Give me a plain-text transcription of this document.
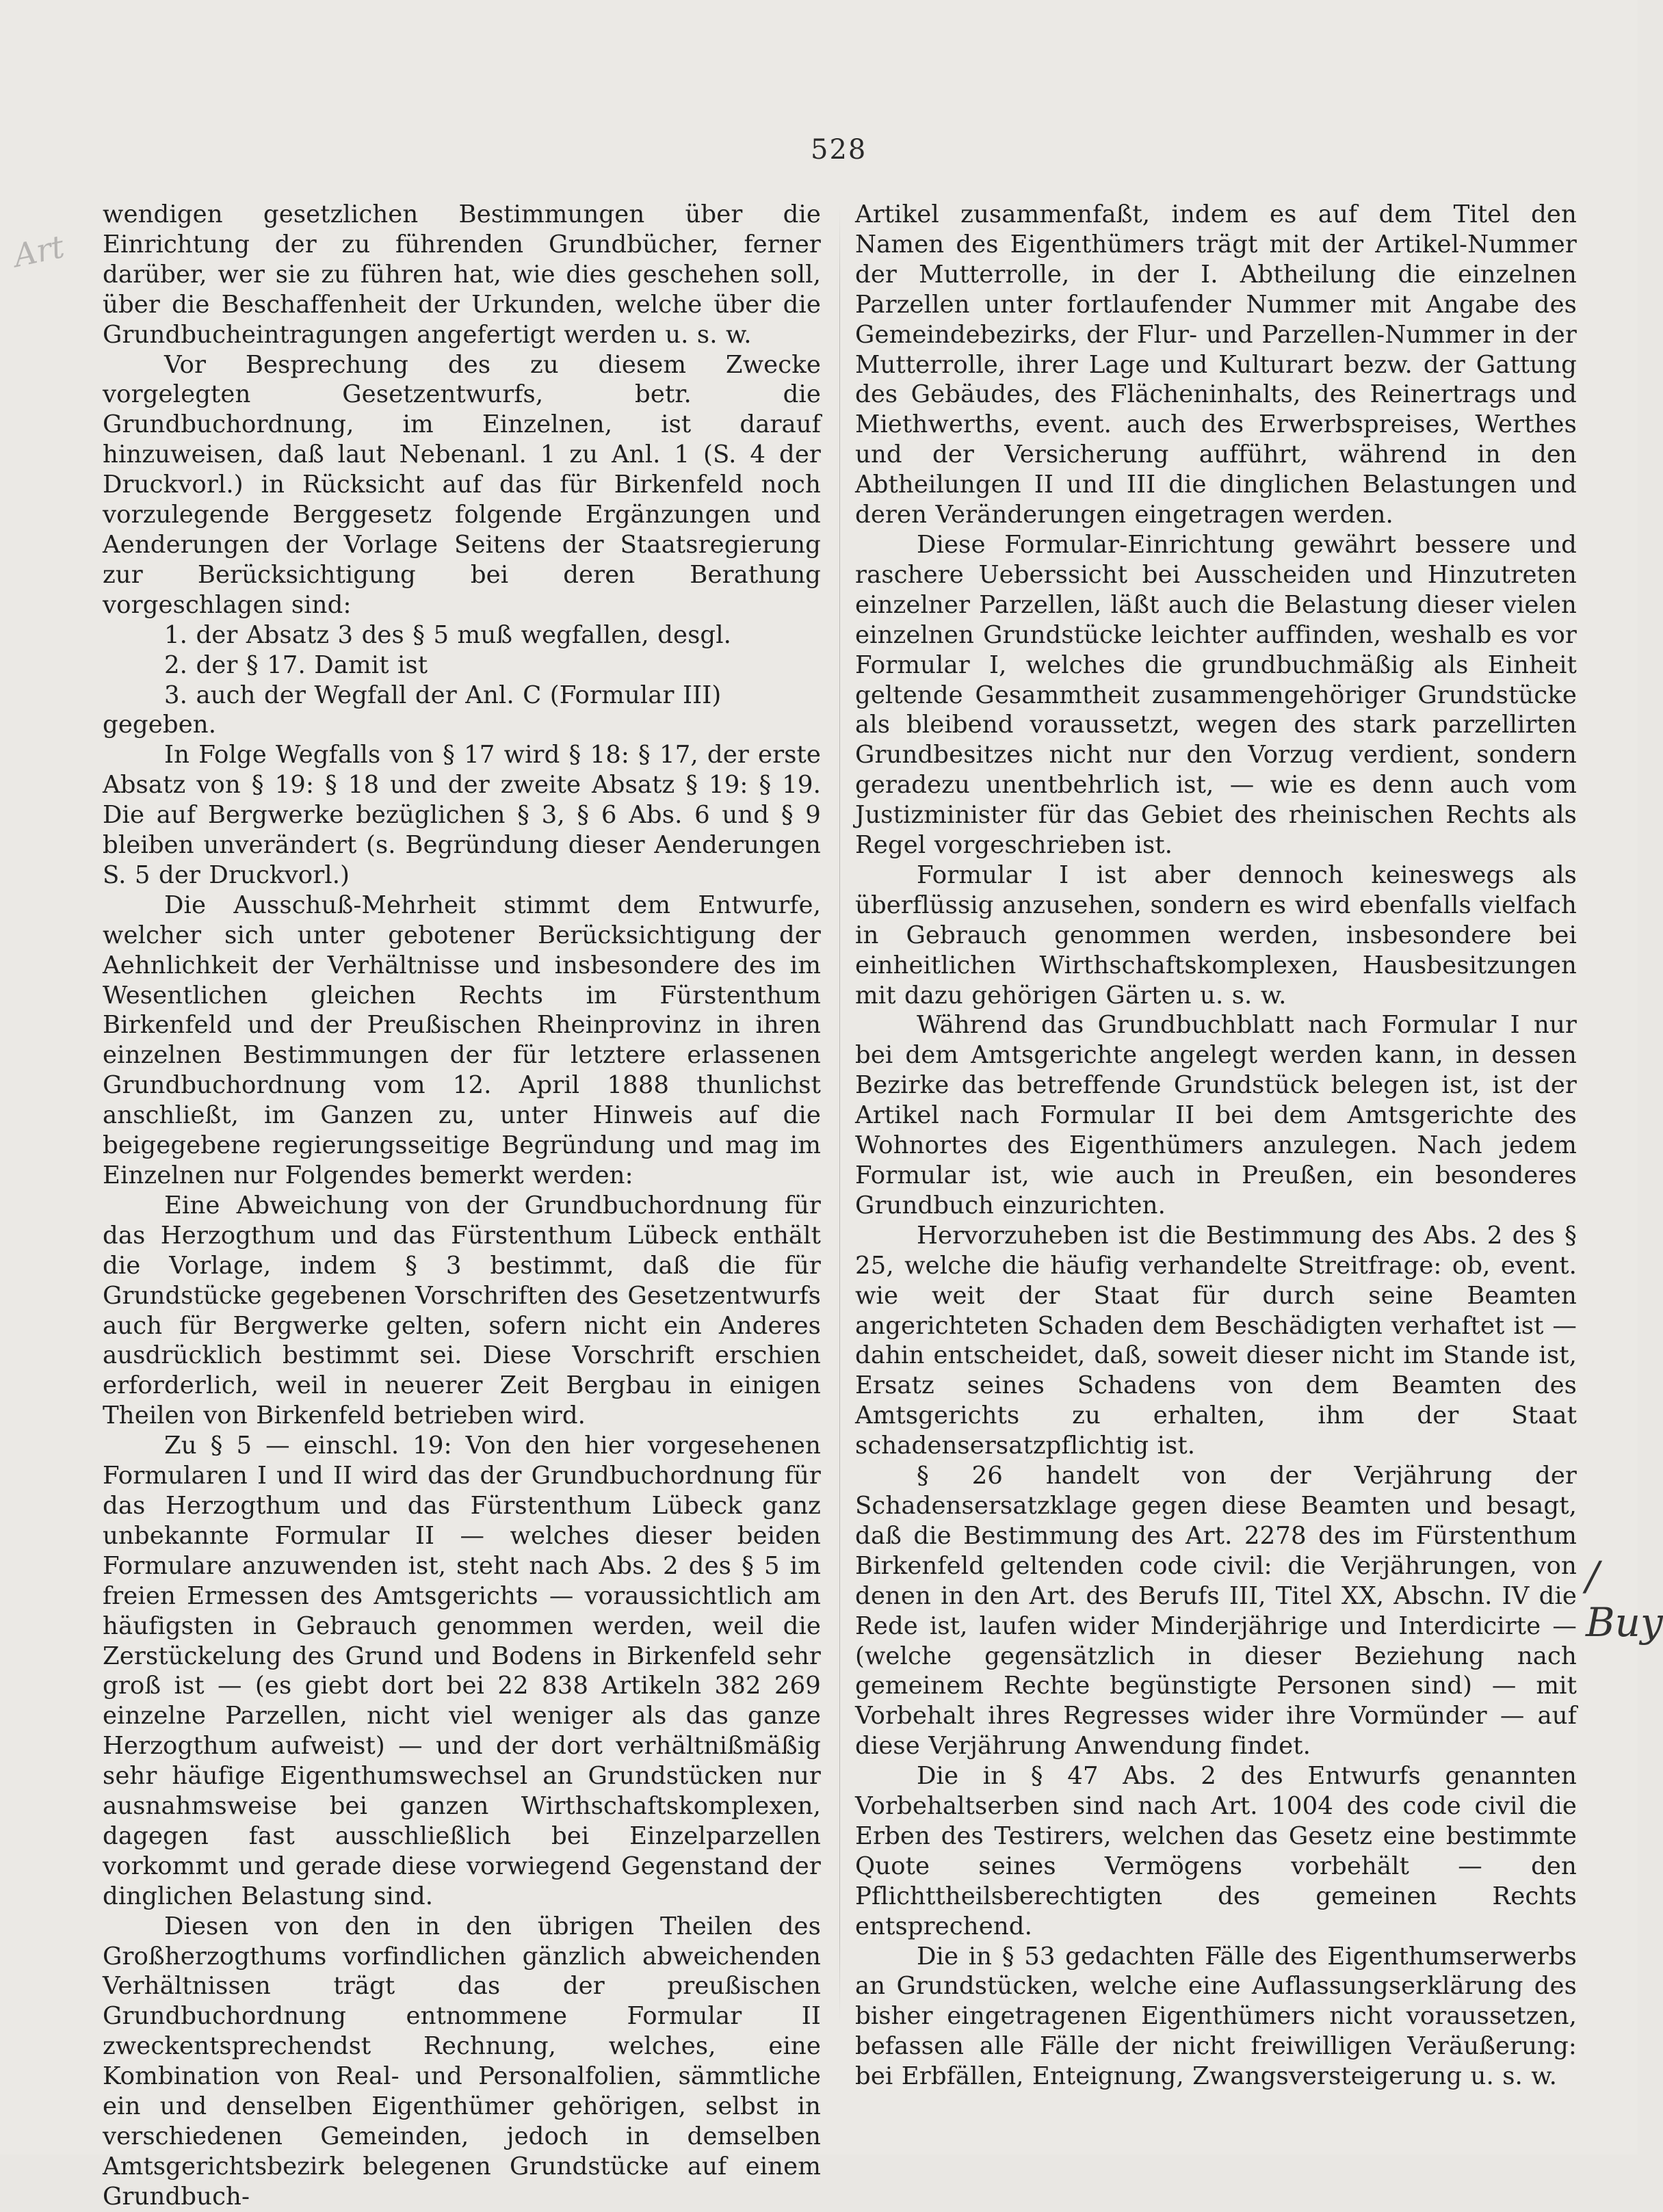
528
Art
/ Buy

wendigen gesetzlichen Bestimmungen über die Einrichtung der zu führenden Grundbücher, ferner darüber, wer sie zu führen hat, wie dies geschehen soll, über die Beschaffenheit der Urkunden, welche über die Grundbucheintragungen angefertigt werden u. s. w.

Vor Besprechung des zu diesem Zwecke vorgelegten Gesetzentwurfs, betr. die Grundbuchordnung, im Einzelnen, ist darauf hinzuweisen, daß laut Nebenanl. 1 zu Anl. 1 (S. 4 der Druckvorl.) in Rücksicht auf das für Birkenfeld noch vorzulegende Berggesetz folgende Ergänzungen und Aenderungen der Vorlage Seitens der Staatsregierung zur Berücksichtigung bei deren Berathung vorgeschlagen sind:

1. der Absatz 3 des § 5 muß wegfallen, desgl.

2. der § 17. Damit ist

3. auch der Wegfall der Anl. C (Formular III) gegeben.

In Folge Wegfalls von § 17 wird § 18: § 17, der erste Absatz von § 19: § 18 und der zweite Absatz § 19: § 19. Die auf Bergwerke bezüglichen § 3, § 6 Abs. 6 und § 9 bleiben unverändert (s. Begründung dieser Aenderungen S. 5 der Druckvorl.)

Die Ausschuß-Mehrheit stimmt dem Entwurfe, welcher sich unter gebotener Berücksichtigung der Aehnlichkeit der Verhältnisse und insbesondere des im Wesentlichen gleichen Rechts im Fürstenthum Birkenfeld und der Preußischen Rheinprovinz in ihren einzelnen Bestimmungen der für letztere erlassenen Grundbuchordnung vom 12. April 1888 thunlichst anschließt, im Ganzen zu, unter Hinweis auf die beigegebene regierungsseitige Begründung und mag im Einzelnen nur Folgendes bemerkt werden:

Eine Abweichung von der Grundbuchordnung für das Herzogthum und das Fürstenthum Lübeck enthält die Vorlage, indem § 3 bestimmt, daß die für Grundstücke gegebenen Vorschriften des Gesetzentwurfs auch für Bergwerke gelten, sofern nicht ein Anderes ausdrücklich bestimmt sei. Diese Vorschrift erschien erforderlich, weil in neuerer Zeit Bergbau in einigen Theilen von Birkenfeld betrieben wird.

Zu § 5 — einschl. 19: Von den hier vorgesehenen Formularen I und II wird das der Grundbuchordnung für das Herzogthum und das Fürstenthum Lübeck ganz unbekannte Formular II — welches dieser beiden Formulare anzuwenden ist, steht nach Abs. 2 des § 5 im freien Ermessen des Amtsgerichts — voraussichtlich am häufigsten in Gebrauch genommen werden, weil die Zerstückelung des Grund und Bodens in Birkenfeld sehr groß ist — (es giebt dort bei 22 838 Artikeln 382 269 einzelne Parzellen, nicht viel weniger als das ganze Herzogthum aufweist) — und der dort verhältnißmäßig sehr häufige Eigenthumswechsel an Grundstücken nur ausnahmsweise bei ganzen Wirthschaftskomplexen, dagegen fast ausschließlich bei Einzelparzellen vorkommt und gerade diese vorwiegend Gegenstand der dinglichen Belastung sind.

Diesen von den in den übrigen Theilen des Großherzogthums vorfindlichen gänzlich abweichenden Verhältnissen trägt das der preußischen Grundbuchordnung entnommene Formular II zweckentsprechendst Rechnung, welches, eine Kombination von Real- und Personalfolien, sämmtliche ein und denselben Eigenthümer gehörigen, selbst in verschiedenen Gemeinden, jedoch in demselben Amtsgerichtsbezirk belegenen Grundstücke auf einem Grundbuch-

Artikel zusammenfaßt, indem es auf dem Titel den Namen des Eigenthümers trägt mit der Artikel-Nummer der Mutterrolle, in der I. Abtheilung die einzelnen Parzellen unter fortlaufender Nummer mit Angabe des Gemeindebezirks, der Flur- und Parzellen-Nummer in der Mutterrolle, ihrer Lage und Kulturart bezw. der Gattung des Gebäudes, des Flächeninhalts, des Reinertrags und Miethwerths, event. auch des Erwerbspreises, Werthes und der Versicherung aufführt, während in den Abtheilungen II und III die dinglichen Belastungen und deren Veränderungen eingetragen werden.

Diese Formular-Einrichtung gewährt bessere und raschere Ueberssicht bei Ausscheiden und Hinzutreten einzelner Parzellen, läßt auch die Belastung dieser vielen einzelnen Grundstücke leichter auffinden, weshalb es vor Formular I, welches die grundbuchmäßig als Einheit geltende Gesammtheit zusammengehöriger Grundstücke als bleibend voraussetzt, wegen des stark parzellirten Grundbesitzes nicht nur den Vorzug verdient, sondern geradezu unentbehrlich ist, — wie es denn auch vom Justizminister für das Gebiet des rheinischen Rechts als Regel vorgeschrieben ist.

Formular I ist aber dennoch keineswegs als überflüssig anzusehen, sondern es wird ebenfalls vielfach in Gebrauch genommen werden, insbesondere bei einheitlichen Wirthschaftskomplexen, Hausbesitzungen mit dazu gehörigen Gärten u. s. w.

Während das Grundbuchblatt nach Formular I nur bei dem Amtsgerichte angelegt werden kann, in dessen Bezirke das betreffende Grundstück belegen ist, ist der Artikel nach Formular II bei dem Amtsgerichte des Wohnortes des Eigenthümers anzulegen. Nach jedem Formular ist, wie auch in Preußen, ein besonderes Grundbuch einzurichten.

Hervorzuheben ist die Bestimmung des Abs. 2 des § 25, welche die häufig verhandelte Streitfrage: ob, event. wie weit der Staat für durch seine Beamten angerichteten Schaden dem Beschädigten verhaftet ist — dahin entscheidet, daß, soweit dieser nicht im Stande ist, Ersatz seines Schadens von dem Beamten des Amtsgerichts zu erhalten, ihm der Staat schadensersatzpflichtig ist.

§ 26 handelt von der Verjährung der Schadensersatzklage gegen diese Beamten und besagt, daß die Bestimmung des Art. 2278 des im Fürstenthum Birkenfeld geltenden code civil: die Verjährungen, von denen in den Art. des Berufs III, Titel XX, Abschn. IV die Rede ist, laufen wider Minderjährige und Interdicirte — (welche gegensätzlich in dieser Beziehung nach gemeinem Rechte begünstigte Personen sind) — mit Vorbehalt ihres Regresses wider ihre Vormünder — auf diese Verjährung Anwendung findet.

Die in § 47 Abs. 2 des Entwurfs genannten Vorbehaltserben sind nach Art. 1004 des code civil die Erben des Testirers, welchen das Gesetz eine bestimmte Quote seines Vermögens vorbehält — den Pflichttheilsberechtigten des gemeinen Rechts entsprechend.

Die in § 53 gedachten Fälle des Eigenthumserwerbs an Grundstücken, welche eine Auflassungserklärung des bisher eingetragenen Eigenthümers nicht voraussetzen, befassen alle Fälle der nicht freiwilligen Veräußerung: bei Erbfällen, Enteignung, Zwangsversteigerung u. s. w.
